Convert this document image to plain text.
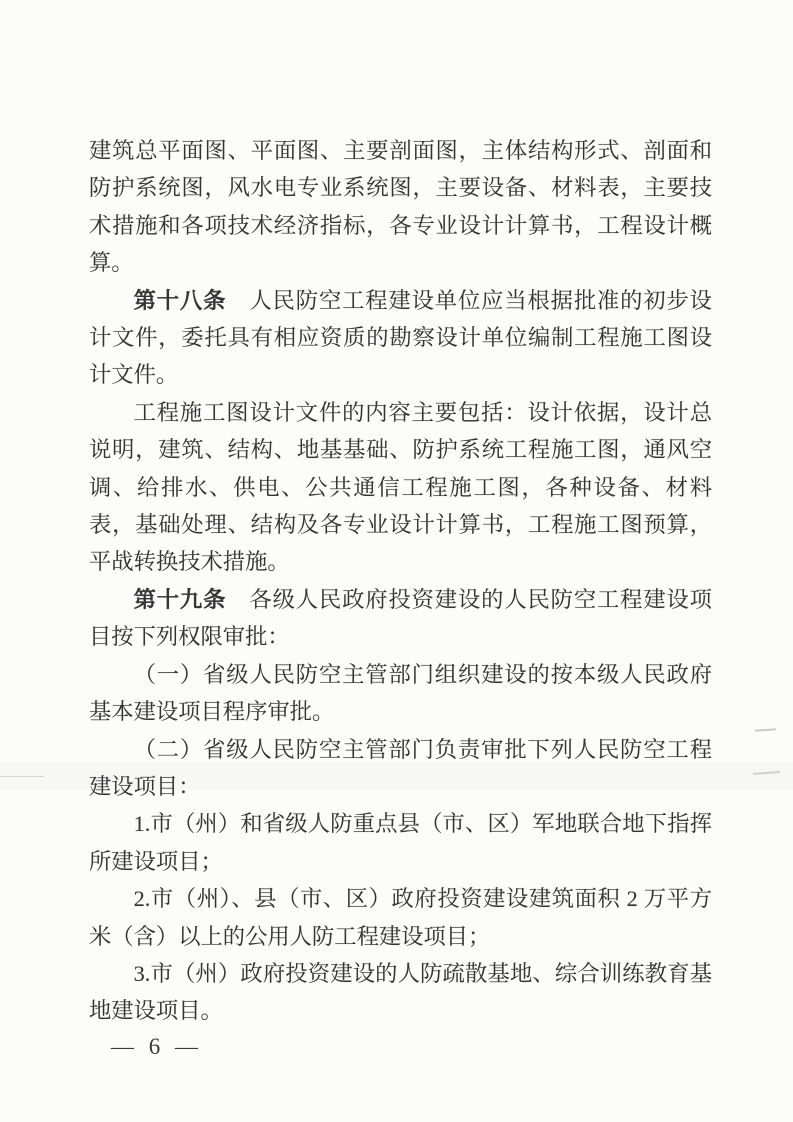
建筑总平面图、平面图、主要剖面图，主体结构形式、剖面和防护系统图，风水电专业系统图，主要设备、材料表，主要技术措施和各项技术经济指标，各专业设计计算书，工程设计概算。

第十八条　人民防空工程建设单位应当根据批准的初步设计文件，委托具有相应资质的勘察设计单位编制工程施工图设计文件。

工程施工图设计文件的内容主要包括：设计依据，设计总说明，建筑、结构、地基基础、防护系统工程施工图，通风空调、给排水、供电、公共通信工程施工图，各种设备、材料表，基础处理、结构及各专业设计计算书，工程施工图预算，平战转换技术措施。

第十九条　各级人民政府投资建设的人民防空工程建设项目按下列权限审批：

（一）省级人民防空主管部门组织建设的按本级人民政府基本建设项目程序审批。

（二）省级人民防空主管部门负责审批下列人民防空工程建设项目：

1.市（州）和省级人防重点县（市、区）军地联合地下指挥所建设项目；

2.市（州）、县（市、区）政府投资建设建筑面积 2 万平方米（含）以上的公用人防工程建设项目；

3.市（州）政府投资建设的人防疏散基地、综合训练教育基地建设项目。

— 6 —
